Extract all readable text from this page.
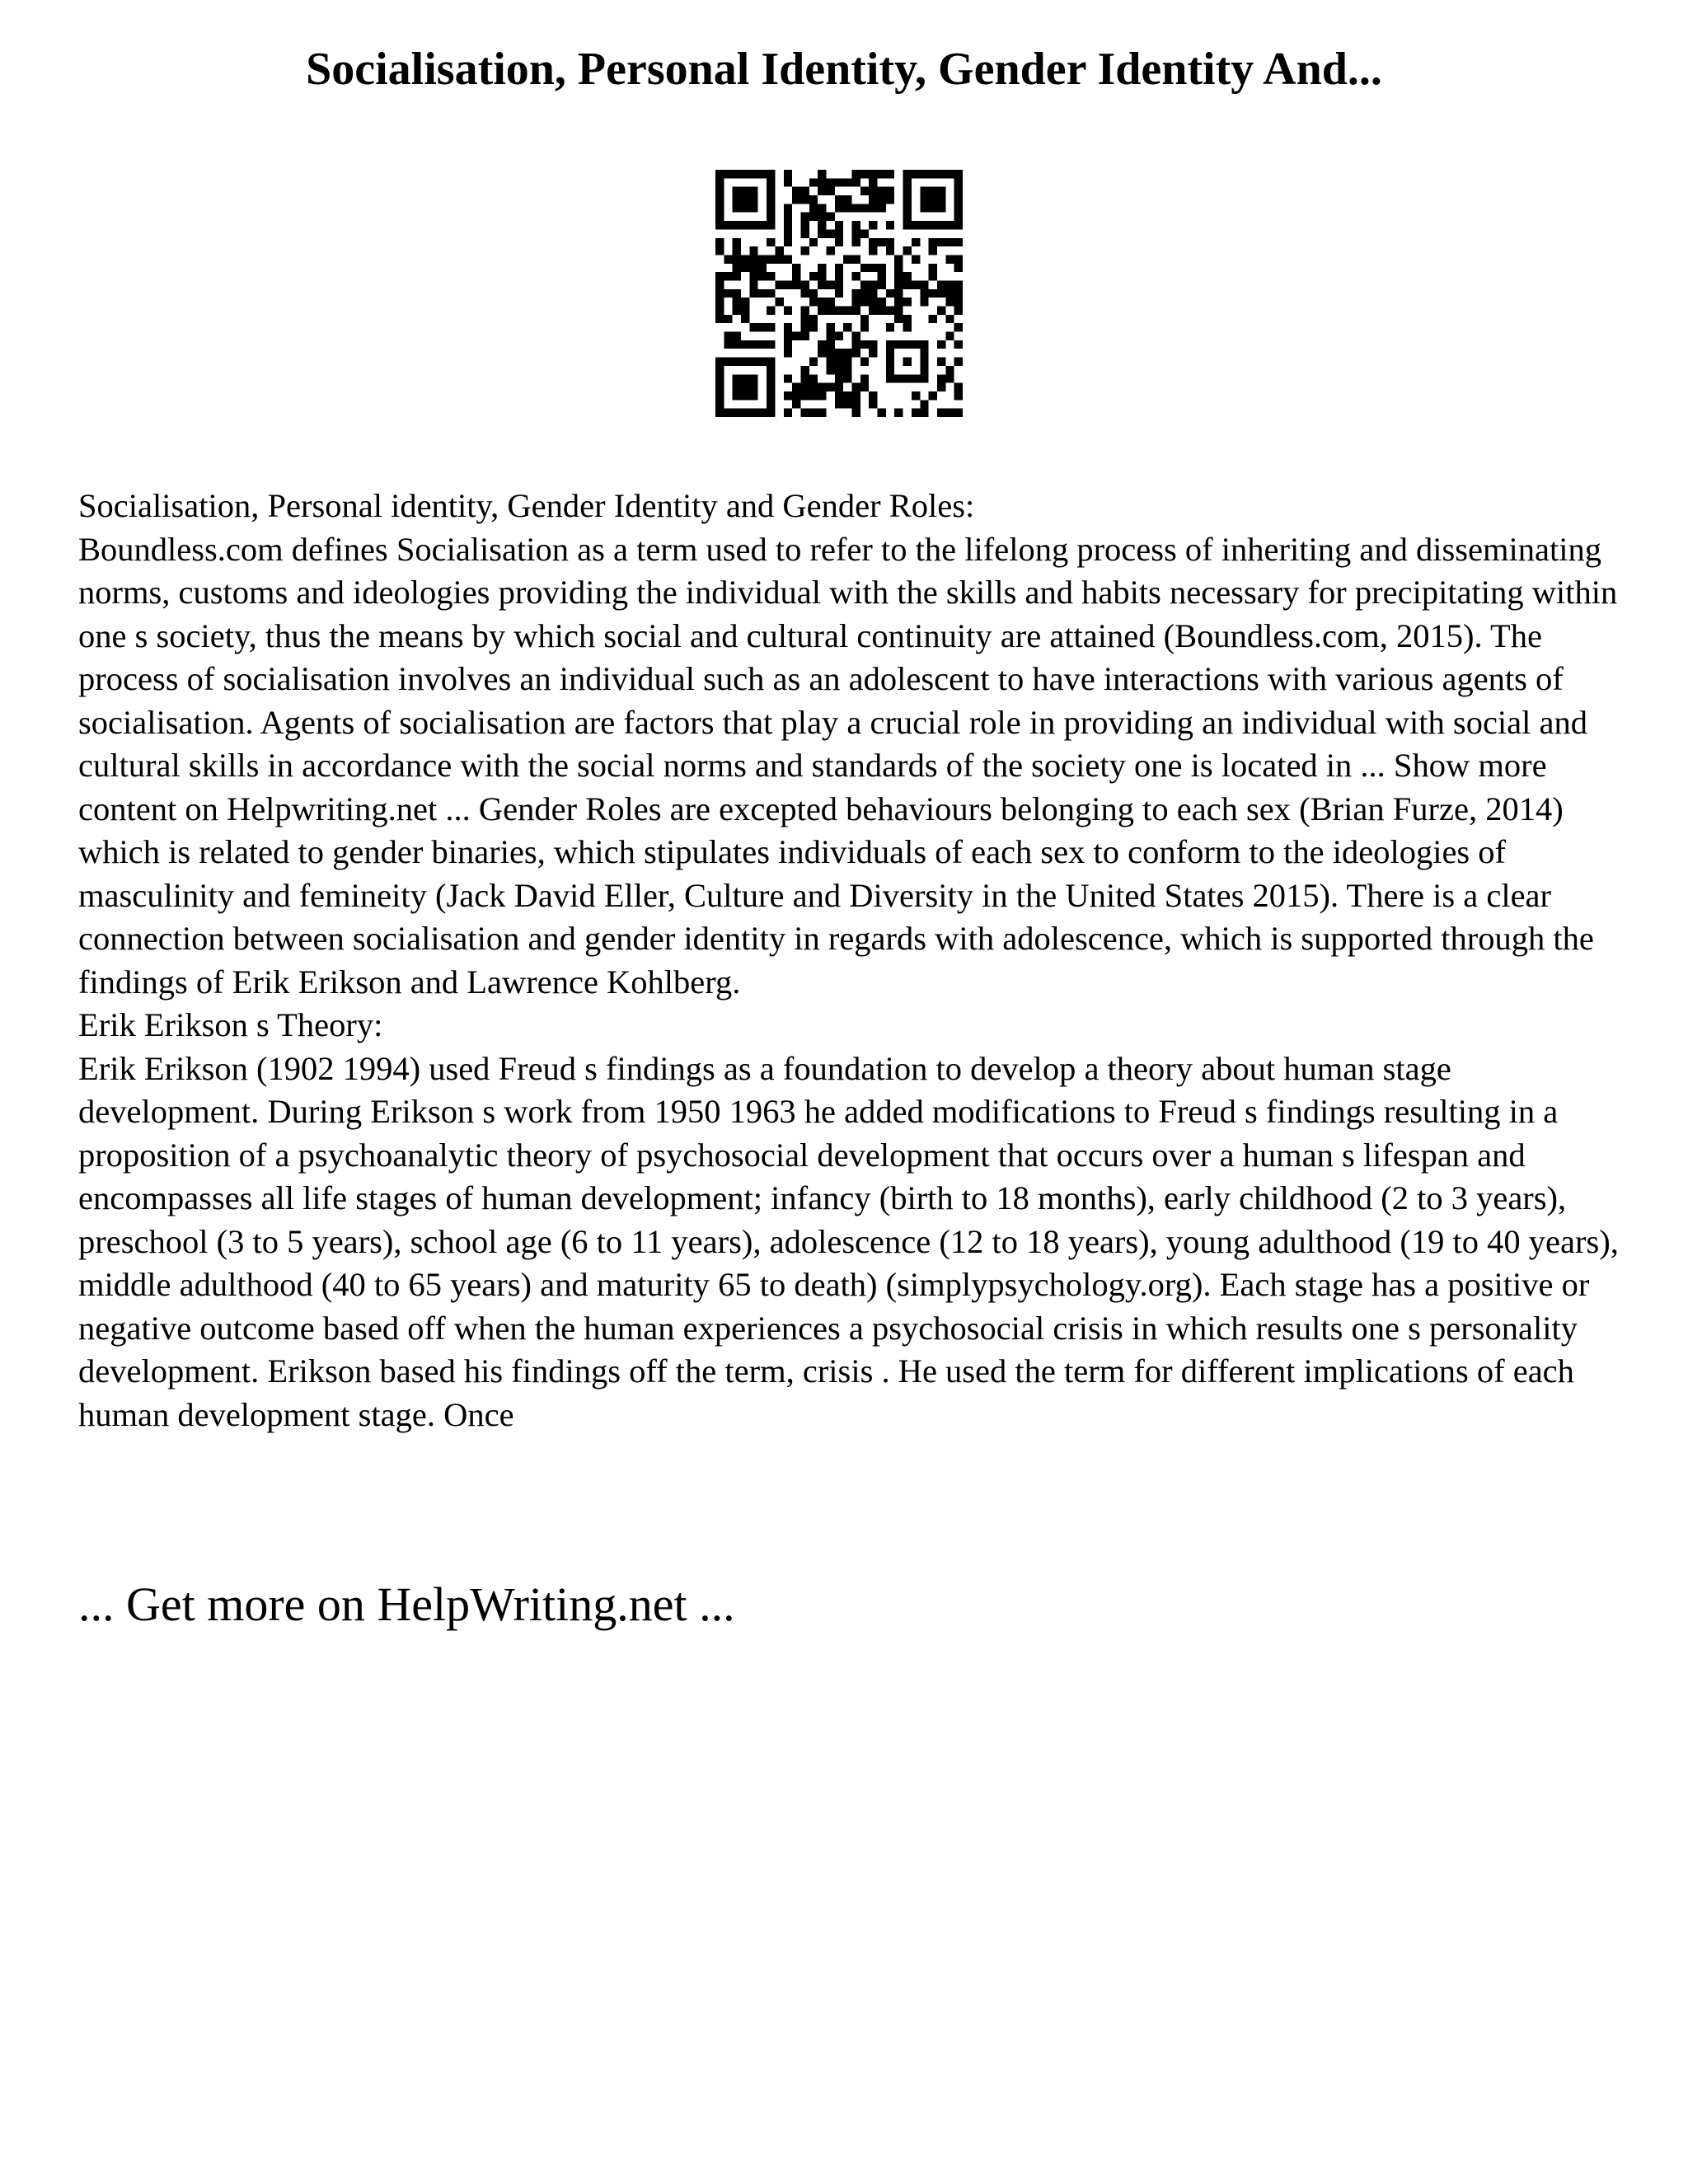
Socialisation, Personal Identity, Gender Identity And...

Socialisation, Personal identity, Gender Identity and Gender Roles:

Boundless.com defines Socialisation as a term used to refer to the lifelong process of inheriting and disseminating norms, customs and ideologies providing the individual with the skills and habits necessary for precipitating within one s society, thus the means by which social and cultural continuity are attained (Boundless.com, 2015). The process of socialisation involves an individual such as an adolescent to have interactions with various agents of socialisation. Agents of socialisation are factors that play a crucial role in providing an individual with social and cultural skills in accordance with the social norms and standards of the society one is located in ... Show more content on Helpwriting.net ... Gender Roles are excepted behaviours belonging to each sex (Brian Furze, 2014) which is related to gender binaries, which stipulates individuals of each sex to conform to the ideologies of masculinity and femineity (Jack David Eller, Culture and Diversity in the United States 2015). There is a clear connection between socialisation and gender identity in regards with adolescence, which is supported through the findings of Erik Erikson and Lawrence Kohlberg.

Erik Erikson s Theory:

Erik Erikson (1902 1994) used Freud s findings as a foundation to develop a theory about human stage development. During Erikson s work from 1950 1963 he added modifications to Freud s findings resulting in a proposition of a psychoanalytic theory of psychosocial development that occurs over a human s lifespan and encompasses all life stages of human development; infancy (birth to 18 months), early childhood (2 to 3 years), preschool (3 to 5 years), school age (6 to 11 years), adolescence (12 to 18 years), young adulthood (19 to 40 years), middle adulthood (40 to 65 years) and maturity 65 to death) (simplypsychology.org). Each stage has a positive or negative outcome based off when the human experiences a psychosocial crisis in which results one s personality development. Erikson based his findings off the term, crisis . He used the term for different implications of each human development stage. Once

... Get more on HelpWriting.net ...
